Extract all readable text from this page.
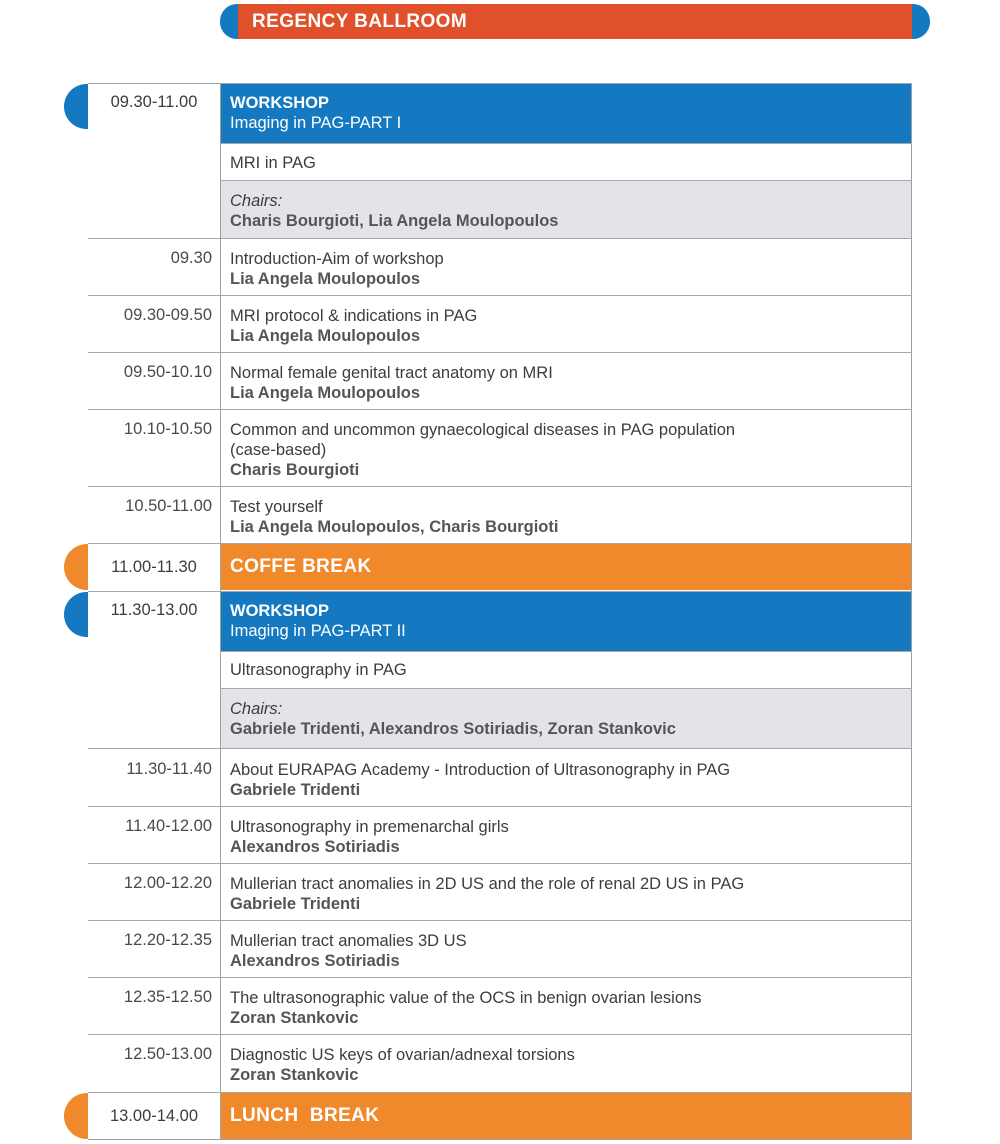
REGENCY BALLROOM
09.30-11.00	WORKSHOP
Imaging in PAG-PART I
MRI in PAG
Chairs:
Charis Bourgioti, Lia Angela Moulopoulos
09.30 Introduction-Aim of workshop
Lia Angela Moulopoulos
09.30-09.50 MRI protocol & indications in PAG
Lia Angela Moulopoulos
09.50-10.10 Normal female genital tract anatomy on MRI
Lia Angela Moulopoulos
10.10-10.50 Common and uncommon gynaecological diseases in PAG population
(case-based)
Charis Bourgioti
10.50-11.00 Test yourself
Lia Angela Moulopoulos, Charis Bourgioti
11.00-11.30	COFFE BREAK
11.30-13.00	WORKSHOP
Imaging in PAG-PART II
Ultrasonography in PAG
Chairs:
Gabriele Tridenti, Alexandros Sotiriadis, Zoran Stankovic
11.30-11.40 About EURAPAG Academy - Introduction of Ultrasonography in PAG
Gabriele Tridenti
11.40-12.00 Ultrasonography in premenarchal girls
Alexandros Sotiriadis
12.00-12.20 Mullerian tract anomalies in 2D US and the role of renal 2D US in PAG
Gabriele Tridenti
12.20-12.35 Mullerian tract anomalies 3D US
Alexandros Sotiriadis
12.35-12.50 The ultrasonographic value of the OCS in benign ovarian lesions
Zoran Stankovic
12.50-13.00 Diagnostic US keys of ovarian/adnexal torsions
Zoran Stankovic
13.00-14.00	LUNCH  BREAK
